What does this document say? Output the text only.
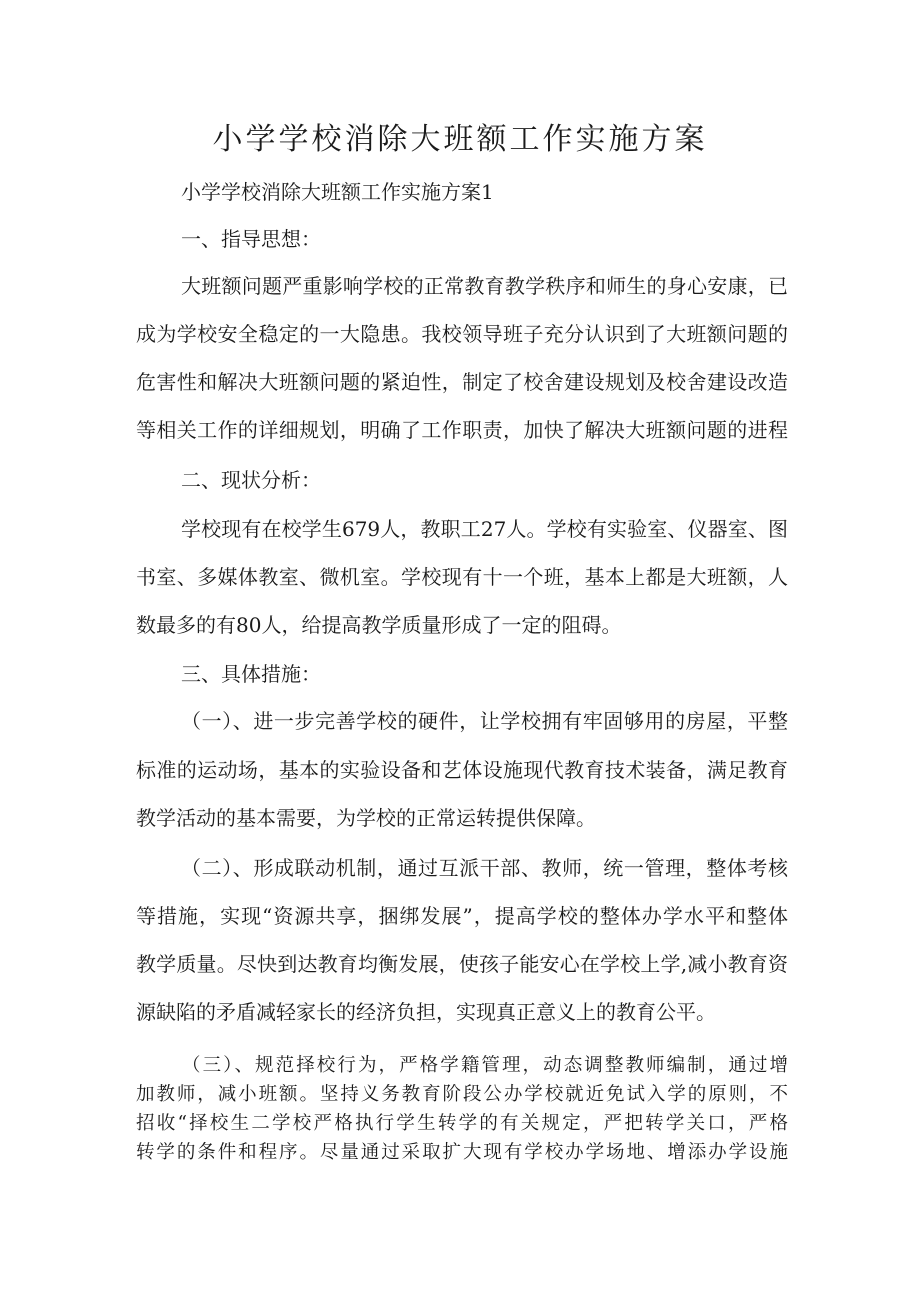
小学学校消除大班额工作实施方案

小学学校消除大班额工作实施方案1

一、指导思想：

大班额问题严重影响学校的正常教育教学秩序和师生的身心安康，已

成为学校安全稳定的一大隐患。我校领导班子充分认识到了大班额问题的

危害性和解决大班额问题的紧迫性，制定了校舍建设规划及校舍建设改造

等相关工作的详细规划，明确了工作职责，加快了解决大班额问题的进程

二、现状分析：

学校现有在校学生679人，教职工27人。学校有实验室、仪器室、图

书室、多媒体教室、微机室。学校现有十一个班，基本上都是大班额，人

数最多的有80人，给提高教学质量形成了一定的阻碍。

三、具体措施：

（一）、进一步完善学校的硬件，让学校拥有牢固够用的房屋，平整

标准的运动场，基本的实验设备和艺体设施现代教育技术装备，满足教育

教学活动的基本需要，为学校的正常运转提供保障。

（二）、形成联动机制，通过互派干部、教师，统一管理，整体考核

等措施，实现“资源共享，捆绑发展”，提高学校的整体办学水平和整体

教学质量。尽快到达教育均衡发展，使孩子能安心在学校上学,减小教育资

源缺陷的矛盾减轻家长的经济负担，实现真正意义上的教育公平。

（三）、规范择校行为，严格学籍管理，动态调整教师编制，通过增

加教师，减小班额。坚持义务教育阶段公办学校就近免试入学的原则，不

招收“择校生二学校严格执行学生转学的有关规定，严把转学关口，严格

转学的条件和程序。尽量通过采取扩大现有学校办学场地、增添办学设施
